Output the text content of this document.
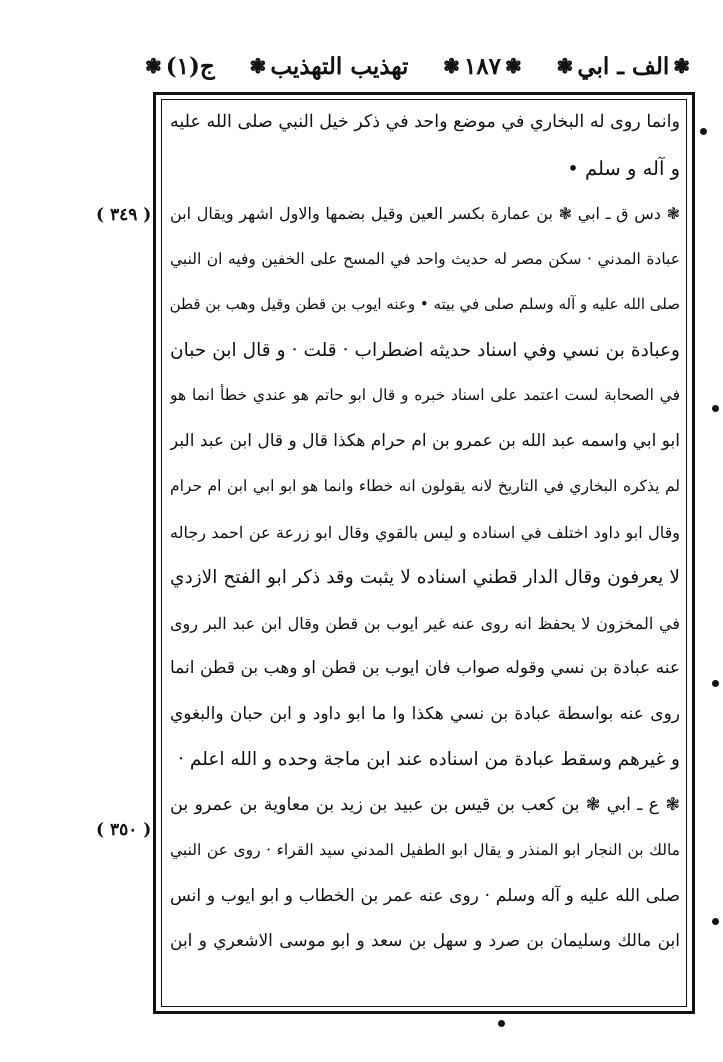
ج(١)
❃	تهذيب التهذيب
❃	❃
١٨٧
❃	❃
الف ـ ابي
❃
( ٣٤٩ )
( ٣٥٠ )
وانما روى له البخاري في موضع واحد في ذكر خيل النبي صلى الله عليه
و آله و سلم •
❃ دس ق ـ ابي ❃ بن عمارة بكسر العين وقيل بضمها والاول اشهر ويقال ابن
عبادة المدني · سكن مصر له حديث واحد في المسح على الخفين وفيه ان النبي
صلى الله عليه و آله وسلم صلى في بيته • وعنه ايوب بن قطن وقيل وهب بن قطن
وعبادة بن نسي وفي اسناد حديثه اضطراب · قلت · و قال ابن حبان
في الصحابة لست اعتمد على اسناد خبره و قال ابو حاتم هو عندي خطأ انما هو
ابو ابي واسمه عبد الله بن عمرو بن ام حرام هكذا قال و قال ابن عبد البر
لم يذكره البخاري في التاريخ لانه يقولون انه خطاء وانما هو ابو ابي ابن ام حرام
وقال ابو داود اختلف في اسناده و ليس بالقوي وقال ابو زرعة عن احمد رجاله
لا يعرفون وقال الدار قطني اسناده لا يثبت وقد ذكر ابو الفتح الازدي
في المخزون لا يحفظ انه روى عنه غير ايوب بن قطن وقال ابن عبد البر روى
عنه عبادة بن نسي وقوله صواب فان ايوب بن قطن او وهب بن قطن انما
روى عنه بواسطة عبادة بن نسي هكذا وا ما ابو داود و ابن حبان والبغوي
و غيرهم وسقط عبادة من اسناده عند ابن ماجة وحده و الله اعلم ·
❃ ع ـ ابي ❃ بن كعب بن قيس بن عبيد بن زيد بن معاوية بن عمرو بن
مالك بن النجار ابو المنذر و يقال ابو الطفيل المدني سيد القراء · روى عن النبي
صلى الله عليه و آله وسلم · روى عنه عمر بن الخطاب و ابو ايوب و انس
ابن مالك وسليمان بن صرد و سهل بن سعد و ابو موسى الاشعري و ابن
